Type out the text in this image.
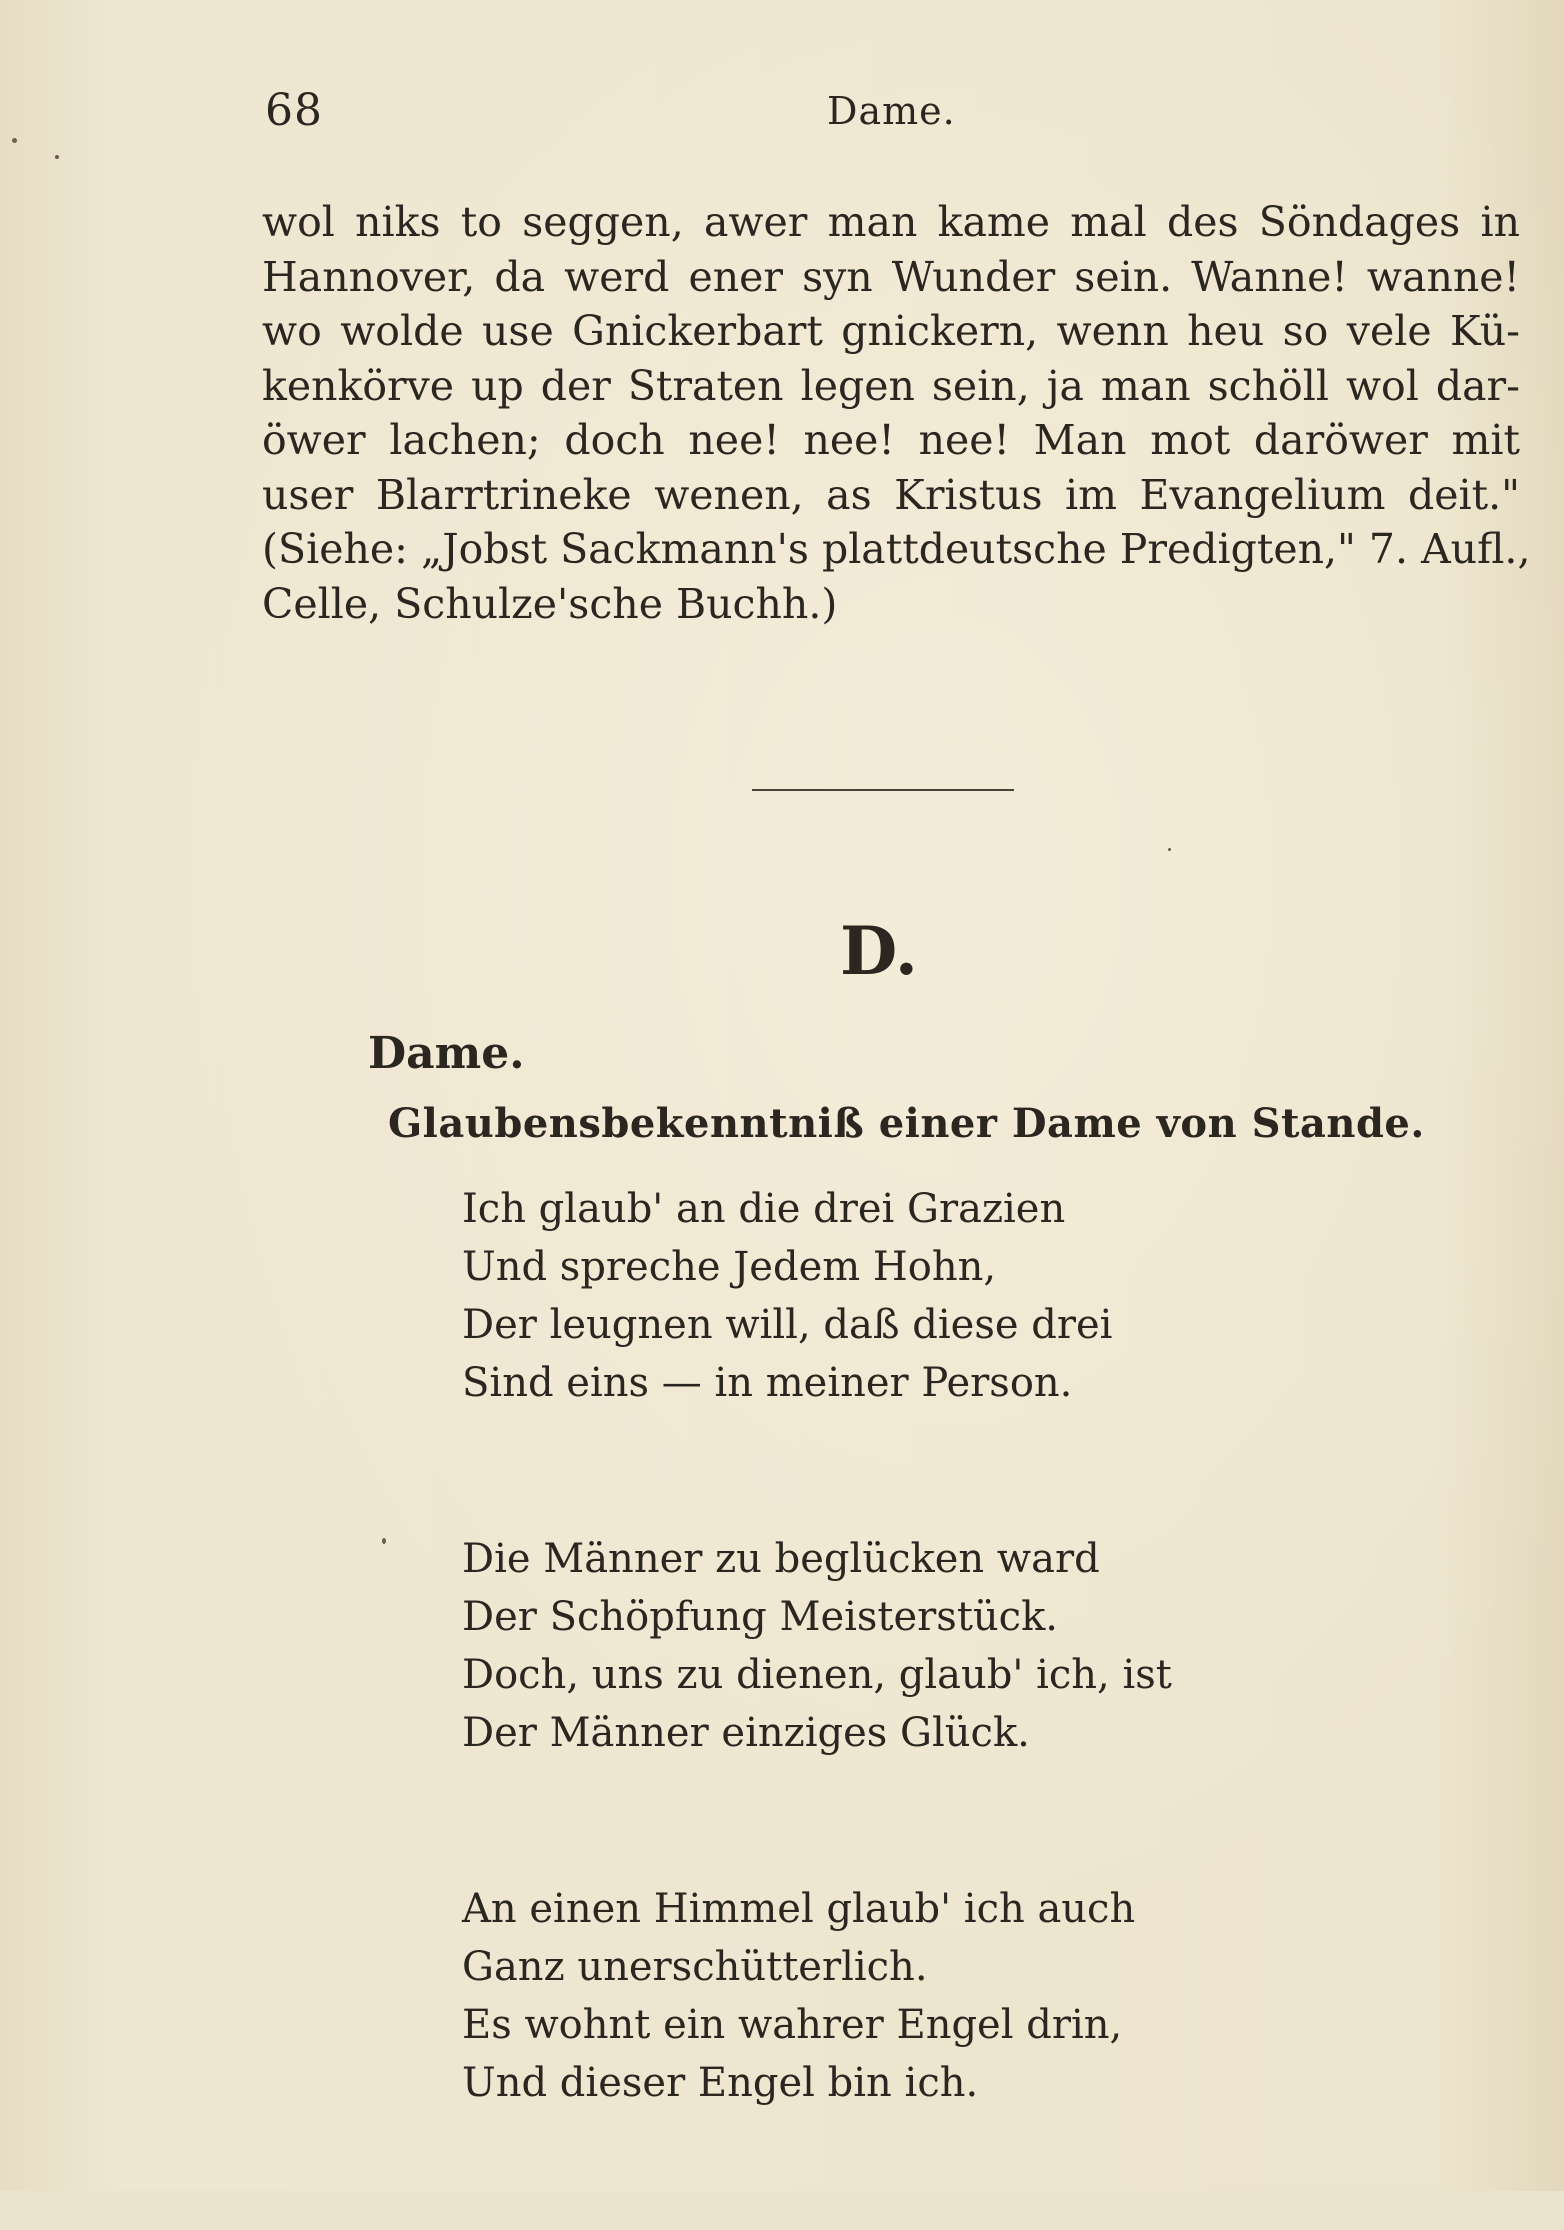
68	Dame.
wol niks to seggen, awer man kame mal des Söndages in
Hannover, da werd ener syn Wunder sein. Wanne! wanne!
wo wolde use Gnickerbart gnickern, wenn heu so vele Kü-
kenkörve up der Straten legen sein, ja man schöll wol dar-
öwer lachen; doch nee! nee! nee! Man mot daröwer mit
user Blarrtrineke wenen, as Kristus im Evangelium deit."
(Siehe: „Jobst Sackmann's plattdeutsche Predigten," 7. Aufl.,
Celle, Schulze'sche Buchh.)
D.
Dame.
Glaubensbekenntniß einer Dame von Stande.
Ich glaub' an die drei Grazien
Und spreche Jedem Hohn,
Der leugnen will, daß diese drei
Sind eins — in meiner Person.
Die Männer zu beglücken ward
Der Schöpfung Meisterstück.
Doch, uns zu dienen, glaub' ich, ist
Der Männer einziges Glück.
An einen Himmel glaub' ich auch
Ganz unerschütterlich.
Es wohnt ein wahrer Engel drin,
Und dieser Engel bin ich.
